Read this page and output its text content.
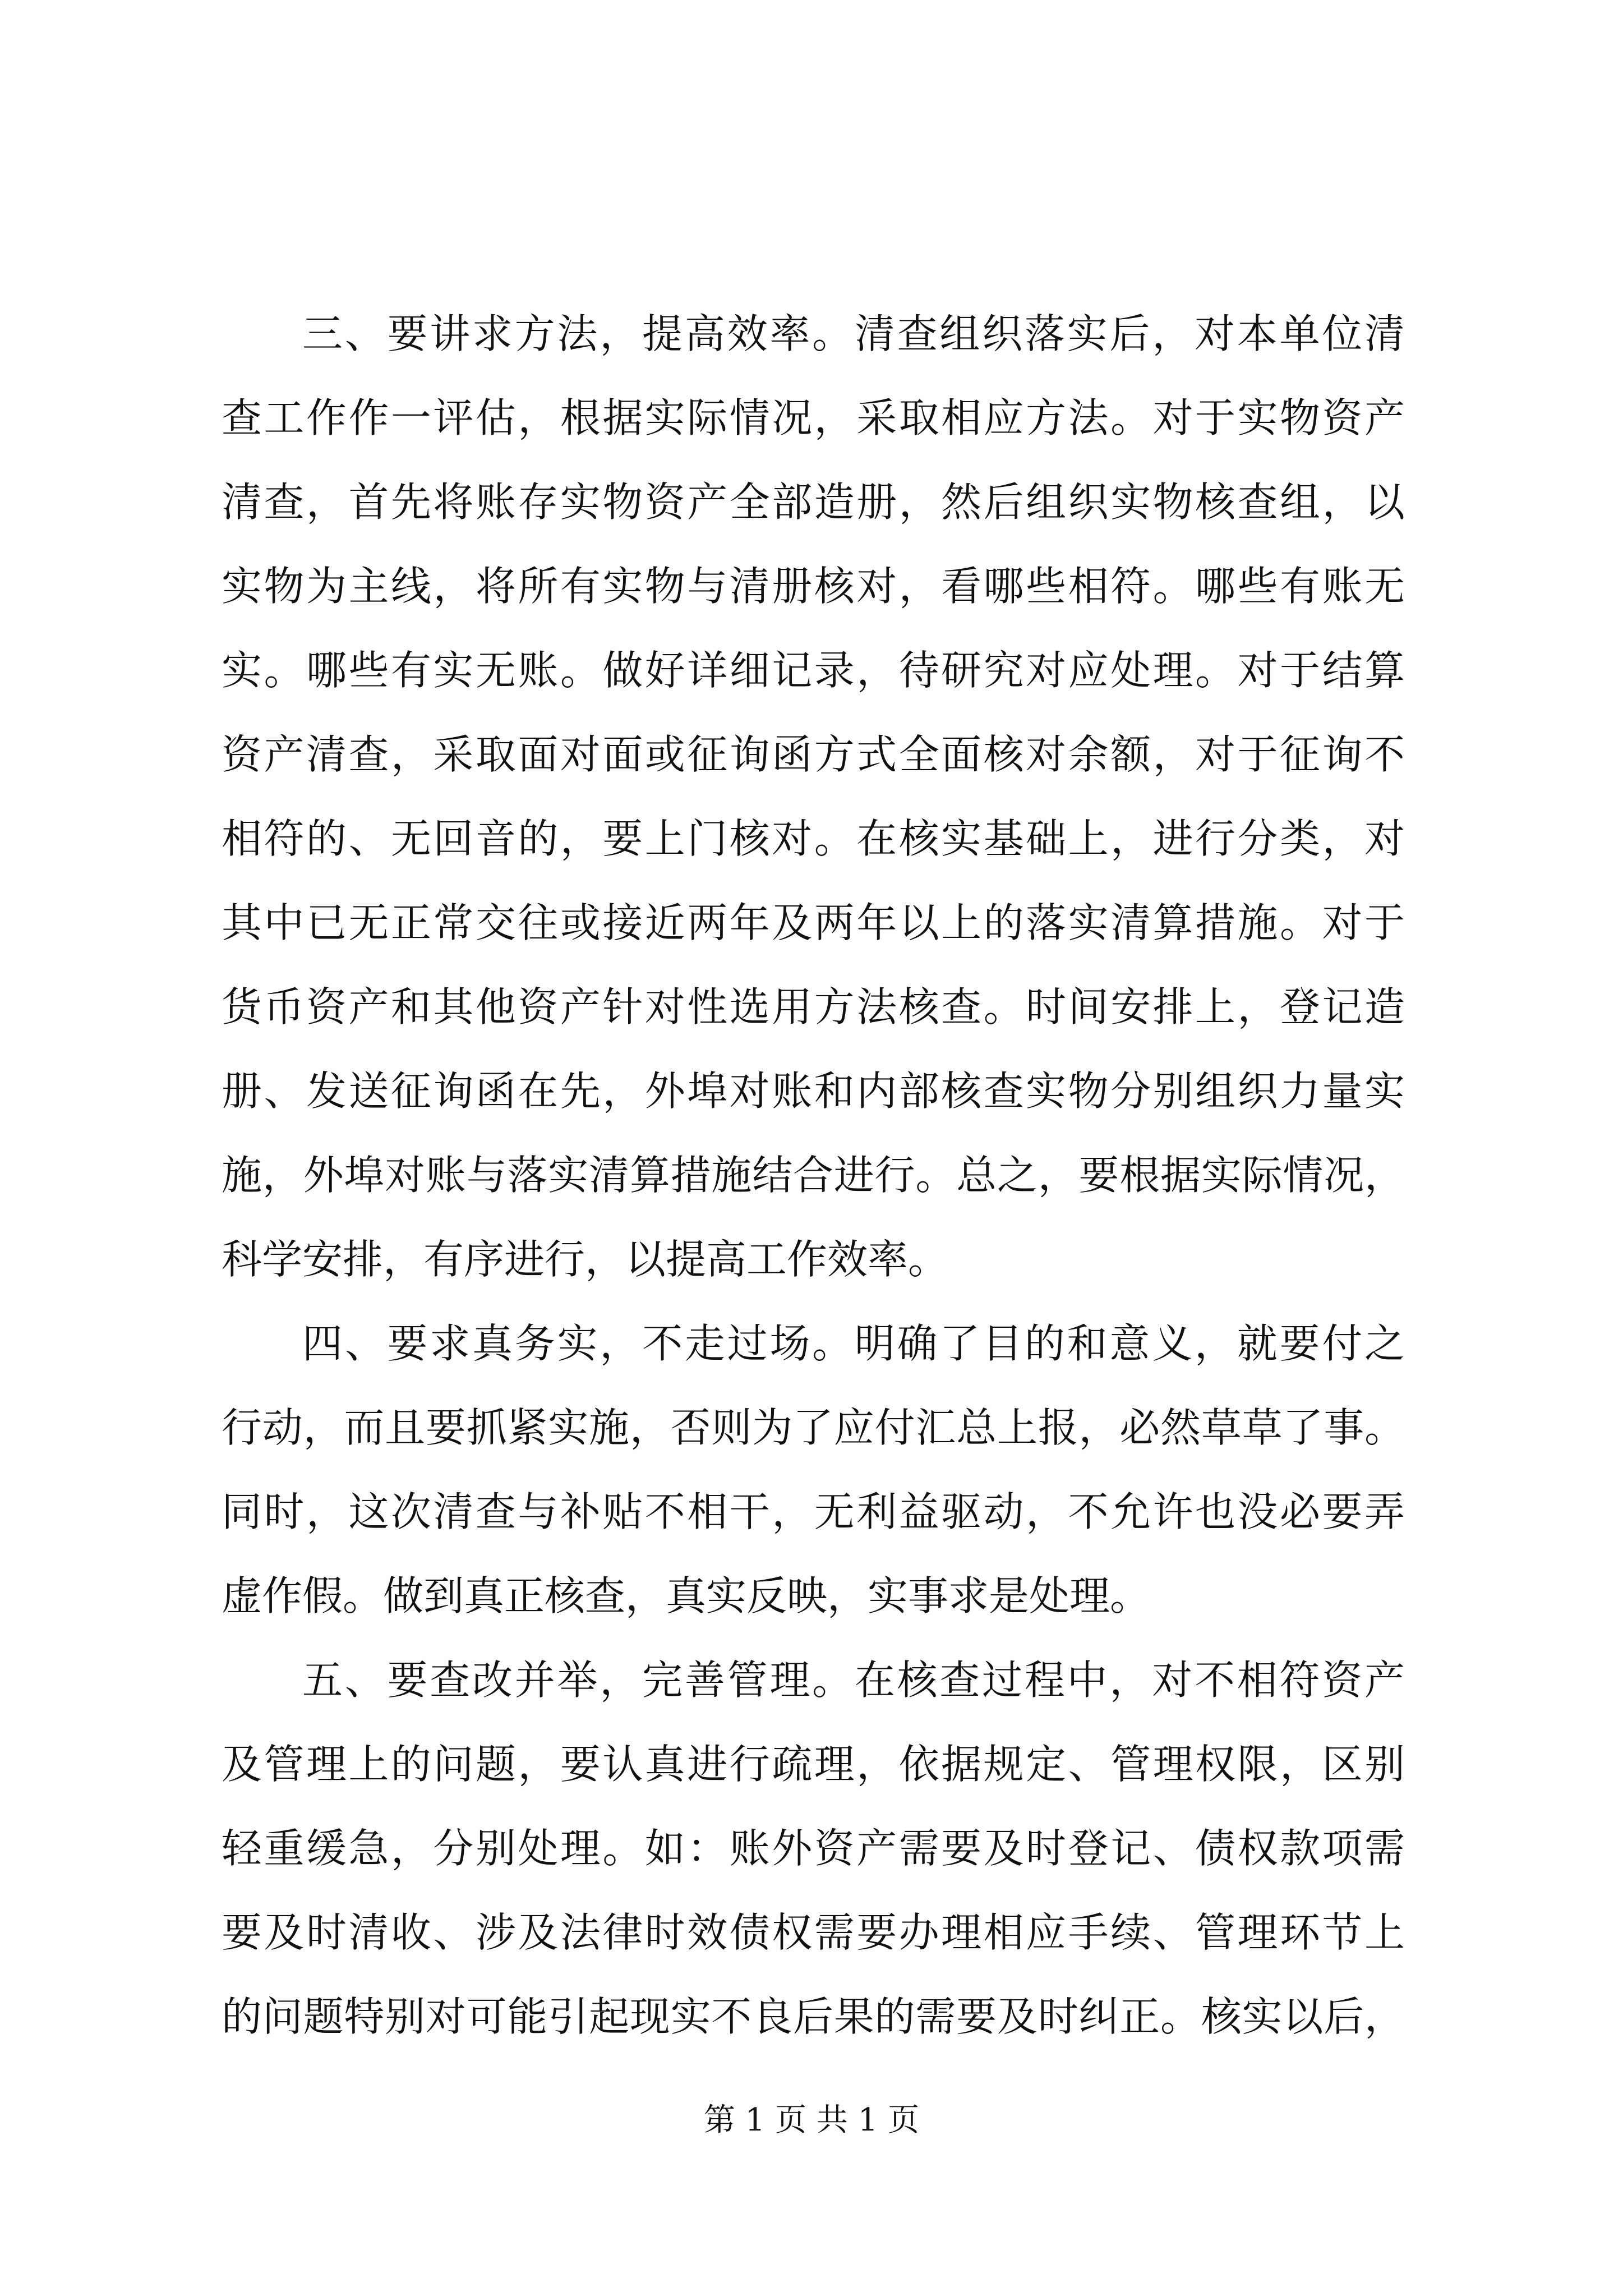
三、要讲求方法，提高效率。清查组织落实后，对本单位清
查工作作一评估，根据实际情况，采取相应方法。对于实物资产
清查，首先将账存实物资产全部造册，然后组织实物核查组，以
实物为主线，将所有实物与清册核对，看哪些相符。哪些有账无
实。哪些有实无账。做好详细记录，待研究对应处理。对于结算
资产清查，采取面对面或征询函方式全面核对余额，对于征询不
相符的、无回音的，要上门核对。在核实基础上，进行分类，对
其中已无正常交往或接近两年及两年以上的落实清算措施。对于
货币资产和其他资产针对性选用方法核查。时间安排上，登记造
册、发送征询函在先，外埠对账和内部核查实物分别组织力量实
施，外埠对账与落实清算措施结合进行。总之，要根据实际情况，
科学安排，有序进行，以提高工作效率。
四、要求真务实，不走过场。明确了目的和意义，就要付之
行动，而且要抓紧实施，否则为了应付汇总上报，必然草草了事。
同时，这次清查与补贴不相干，无利益驱动，不允许也没必要弄
虚作假。做到真正核查，真实反映，实事求是处理。
五、要查改并举，完善管理。在核查过程中，对不相符资产
及管理上的问题，要认真进行疏理，依据规定、管理权限，区别
轻重缓急，分别处理。如：账外资产需要及时登记、债权款项需
要及时清收、涉及法律时效债权需要办理相应手续、管理环节上
的问题特别对可能引起现实不良后果的需要及时纠正。核实以后，
第 1 页 共 1 页
